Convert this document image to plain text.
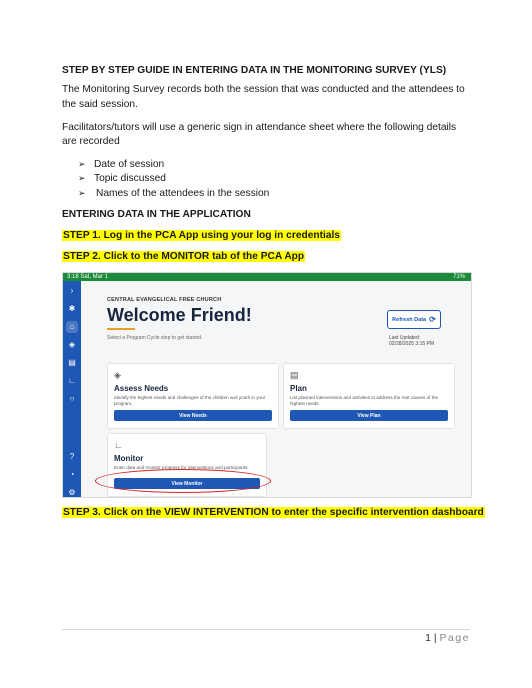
STEP BY STEP GUIDE IN ENTERING DATA IN THE MONITORING SURVEY (YLS)
The Monitoring Survey records both the session that was conducted and the attendees to
the said session.
Facilitators/tutors will use a generic sign in attendance sheet where the following details
are recorded
➢ Date of session
➢ Topic discussed
➢	Names of the attendees in the session
ENTERING DATA IN THE APPLICATION
STEP 1. Log in the PCA App using your log in credentials
STEP 2. Click to the MONITOR tab of the PCA App
3:18 Sat, Mar 1	71%
›
✱
⌂
◈
▤
∟
○
?
◔
⚙
CENTRAL EVANGELICAL FREE CHURCH
Welcome Friend!
Select a Program Cycle step to get started.
Refresh Data ⟳
Last Updated:
02/28/2025 3:15 PM
◈
Assess Needs
Identify the highest needs and challenges of the children and youth in your program.
View Needs
▤
Plan
List planned interventions and activities to address the root causes of the highest needs.
View Plan
∟
Monitor
Enter data and monitor progress for interventions and participants.
View Monitor
STEP 3. Click on the VIEW INTERVENTION to enter the specific intervention dashboard
1 | Page
